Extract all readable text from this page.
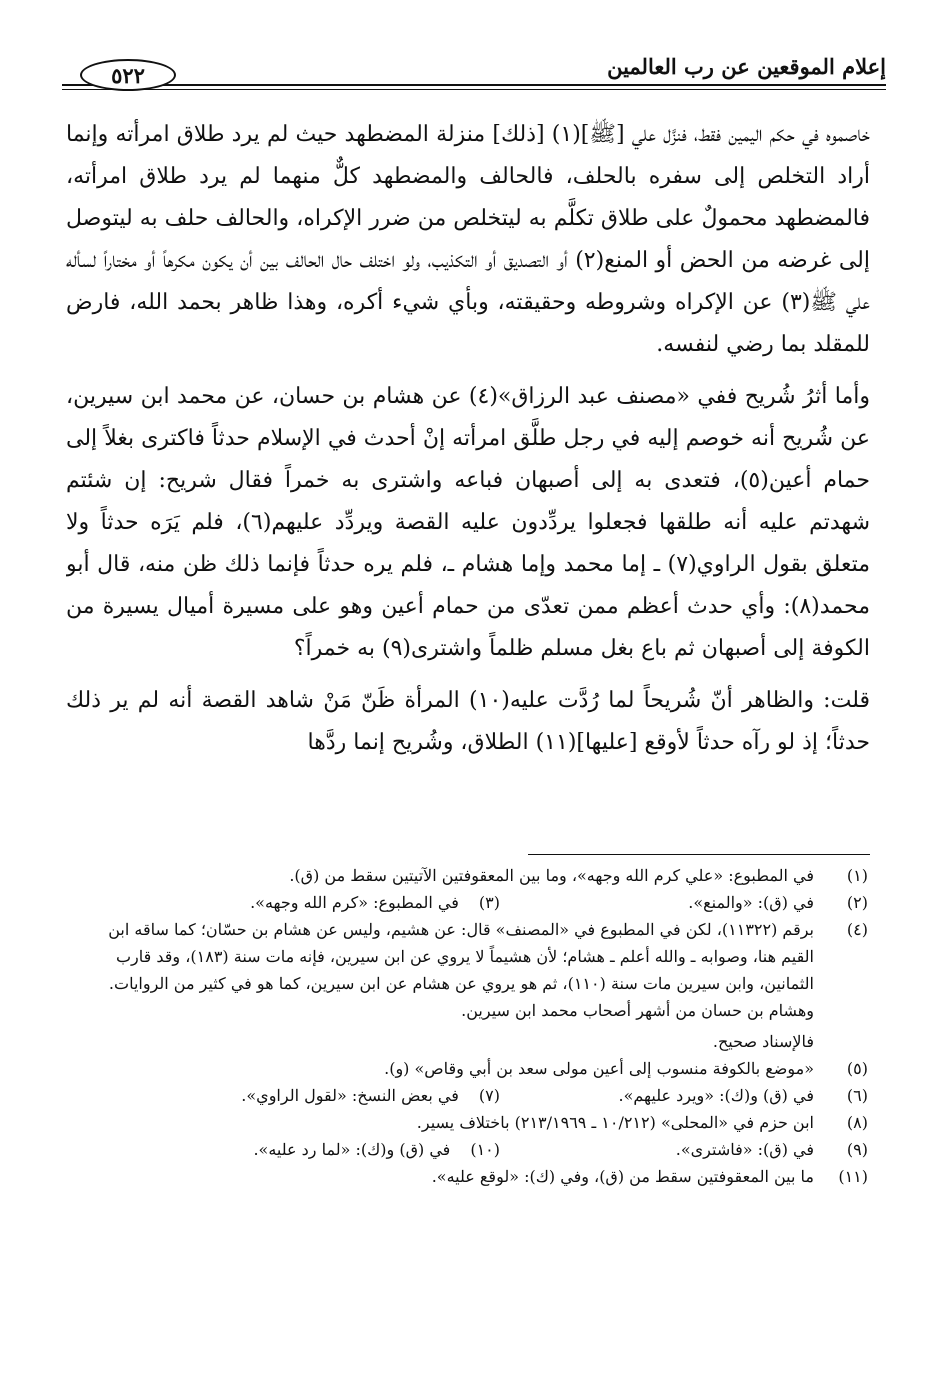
إعلام الموقعين عن رب العالمين
٥٢٢

خاصموه في حكم اليمين فقط، فنزَّل علي [ﷺ](١) [ذلك] منزلة المضطهد حيث لم يرد طلاق امرأته وإنما أراد التخلص إلى سفره بالحلف، فالحالف والمضطهد كلٌّ منهما لم يرد طلاق امرأته، فالمضطهد محمولٌ على طلاق تكلَّم به ليتخلص من ضرر الإكراه، والحالف حلف به ليتوصل إلى غرضه من الحض أو المنع(٢) أو التصديق أو التكذيب، ولو اختلف حال الحالف بين أن يكون مكرهاً أو مختاراً لسأله علي ﷺ(٣) عن الإكراه وشروطه وحقيقته، وبأي شيء أكره، وهذا ظاهر بحمد الله، فارض للمقلد بما رضي لنفسه.

وأما أثرُ شُريح ففي «مصنف عبد الرزاق»(٤) عن هشام بن حسان، عن محمد ابن سيرين، عن شُريح أنه خوصم إليه في رجل طلَّق امرأته إنْ أحدث في الإسلام حدثاً فاكترى بغلاً إلى حمام أعين(٥)، فتعدى به إلى أصبهان فباعه واشترى به خمراً فقال شريح: إن شئتم شهدتم عليه أنه طلقها فجعلوا يردِّدون عليه القصة ويردِّد عليهم(٦)، فلم يَرَه حدثاً ولا متعلق بقول الراوي(٧) ـ إما محمد وإما هشام ـ، فلم يره حدثاً فإنما ذلك ظن منه، قال أبو محمد(٨): وأي حدث أعظم ممن تعدّى من حمام أعين وهو على مسيرة أميال يسيرة من الكوفة إلى أصبهان ثم باع بغل مسلم ظلماً واشترى(٩) به خمراً؟

قلت: والظاهر أنّ شُريحاً لما رُدَّت عليه(١٠) المرأة ظَنّ مَنْ شاهد القصة أنه لم ير ذلك حدثاً؛ إذ لو رآه حدثاً لأوقع [عليها](١١) الطلاق، وشُريح إنما ردَّها

(١)
في المطبوع: «علي كرم الله وجهه»، وما بين المعقوفتين الآتيتين سقط من (ق).
(٢)
في (ق): «والمنع».
(٣)
في المطبوع: «كرم الله وجهه».
(٤)
برقم (١١٣٢٢)، لكن في المطبوع في «المصنف» قال: عن هشيم، وليس عن هشام بن حسّان؛ كما ساقه ابن القيم هنا، وصوابه ـ والله أعلم ـ هشام؛ لأن هشيماً لا يروي عن ابن سيرين، فإنه مات سنة (١٨٣)، وقد قارب الثمانين، وابن سيرين مات سنة (١١٠)، ثم هو يروي عن هشام عن ابن سيرين، كما هو في كثير من الروايات. وهشام بن حسان من أشهر أصحاب محمد ابن سيرين.
فالإسناد صحيح.
(٥)
«موضع بالكوفة منسوب إلى أعين مولى سعد بن أبي وقاص» (و).
(٦)
في (ق) و(ك): «ويرد عليهم».
(٧)
في بعض النسخ: «لقول الراوي».
(٨)
ابن حزم في «المحلى» (١٠/٢١٢ ـ ٢١٣/١٩٦٩) باختلاف يسير.
(٩)
في (ق): «فاشترى».
(١٠)
في (ق) و(ك): «لما رد عليه».
(١١)
ما بين المعقوفتين سقط من (ق)، وفي (ك): «لوقع عليه».
